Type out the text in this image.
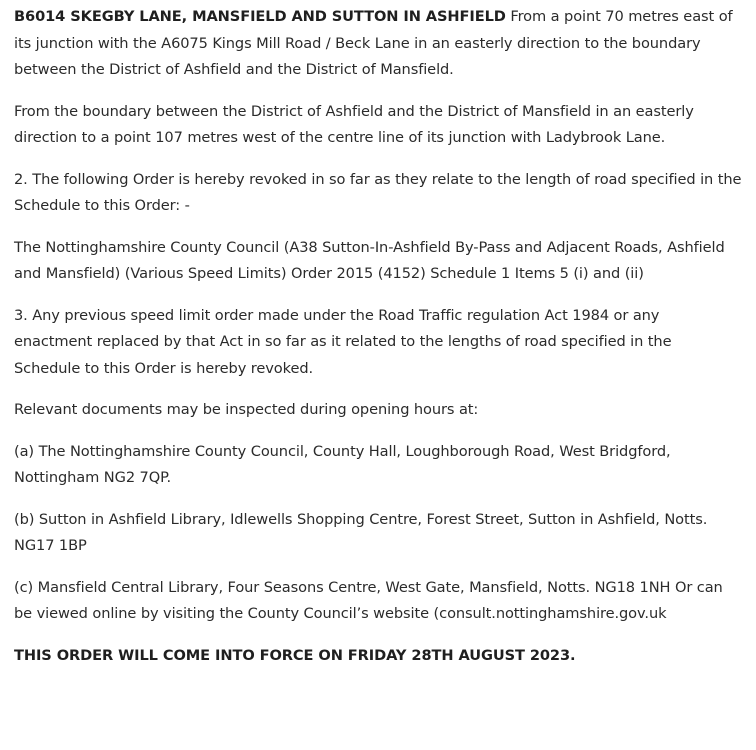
B6014 SKEGBY LANE, MANSFIELD AND SUTTON IN ASHFIELD From a point 70 metres east of its junction with the A6075 Kings Mill Road / Beck Lane in an easterly direction to the boundary between the District of Ashfield and the District of Mansfield.

From the boundary between the District of Ashfield and the District of Mansfield in an easterly direction to a point 107 metres west of the centre line of its junction with Ladybrook Lane.

2. The following Order is hereby revoked in so far as they relate to the length of road specified in the Schedule to this Order: -

The Nottinghamshire County Council (A38 Sutton-In-Ashfield By-Pass and Adjacent Roads, Ashfield and Mansfield) (Various Speed Limits) Order 2015 (4152) Schedule 1 Items 5 (i) and (ii)

3. Any previous speed limit order made under the Road Traffic regulation Act 1984 or any enactment replaced by that Act in so far as it related to the lengths of road specified in the Schedule to this Order is hereby revoked.

Relevant documents may be inspected during opening hours at:

(a) The Nottinghamshire County Council, County Hall, Loughborough Road, West Bridgford, Nottingham NG2 7QP.

(b) Sutton in Ashfield Library, Idlewells Shopping Centre, Forest Street, Sutton in Ashfield, Notts. NG17 1BP

(c) Mansfield Central Library, Four Seasons Centre, West Gate, Mansfield, Notts. NG18 1NH Or can be viewed online by visiting the County Council’s website (consult.nottinghamshire.gov.uk

THIS ORDER WILL COME INTO FORCE ON FRIDAY 28TH AUGUST 2023.
